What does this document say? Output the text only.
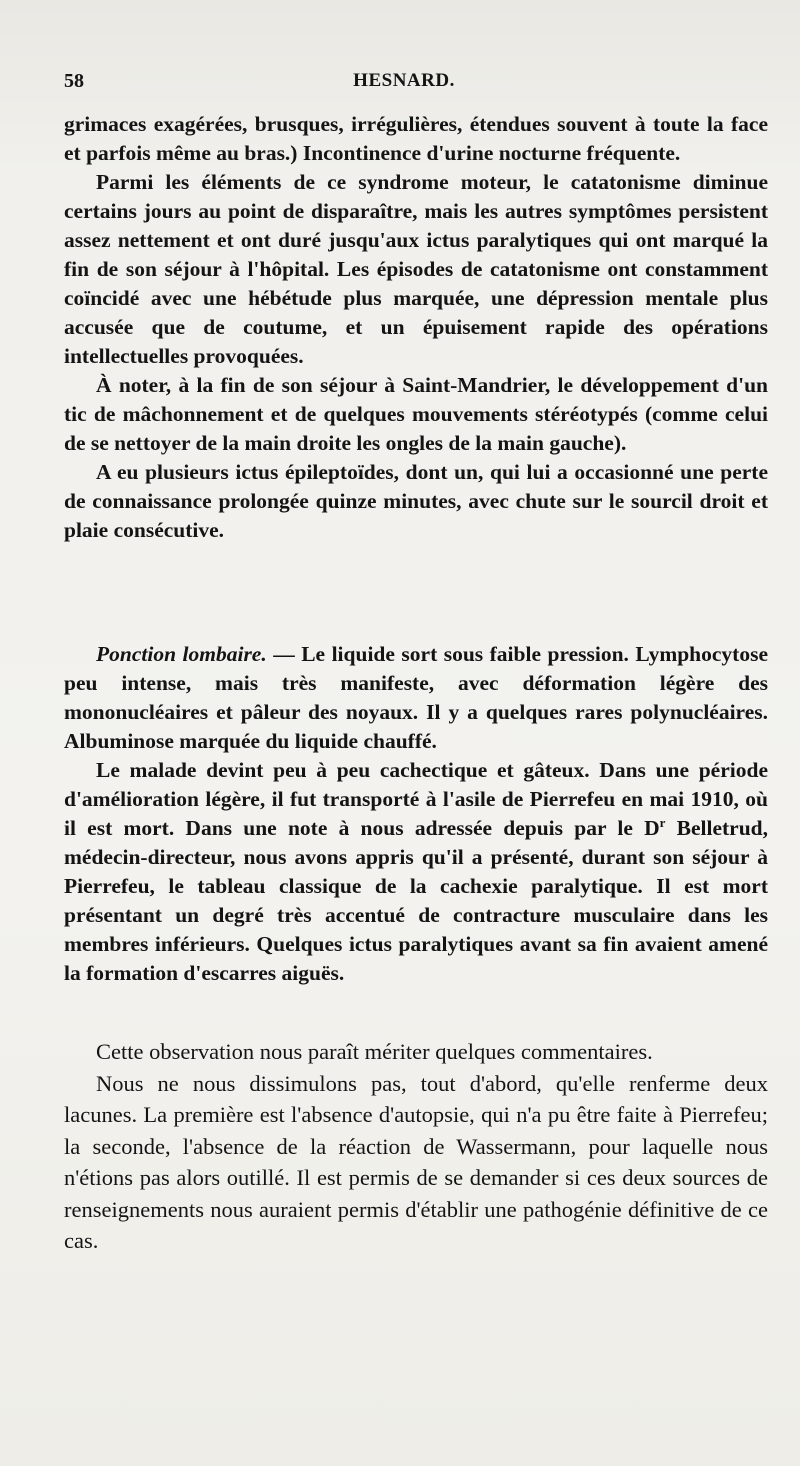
58	HESNARD.

grimaces exagérées, brusques, irrégulières, étendues souvent à toute la face et parfois même au bras.) Incontinence d'urine nocturne fréquente.

Parmi les éléments de ce syndrome moteur, le catatonisme diminue certains jours au point de disparaître, mais les autres symptômes persistent assez nettement et ont duré jusqu'aux ictus paralytiques qui ont marqué la fin de son séjour à l'hôpital. Les épisodes de catatonisme ont constamment coïncidé avec une hébétude plus marquée, une dépression mentale plus accusée que de coutume, et un épuisement rapide des opérations intellectuelles provoquées.

À noter, à la fin de son séjour à Saint-Mandrier, le développement d'un tic de mâchonnement et de quelques mouvements stéréotypés (comme celui de se nettoyer de la main droite les ongles de la main gauche).

A eu plusieurs ictus épileptoïdes, dont un, qui lui a occasionné une perte de connaissance prolongée quinze minutes, avec chute sur le sourcil droit et plaie consécutive.

Ponction lombaire. — Le liquide sort sous faible pression. Lymphocytose peu intense, mais très manifeste, avec déformation légère des mononucléaires et pâleur des noyaux. Il y a quelques rares polynucléaires. Albuminose marquée du liquide chauffé.

Le malade devint peu à peu cachectique et gâteux. Dans une période d'amélioration légère, il fut transporté à l'asile de Pierrefeu en mai 1910, où il est mort. Dans une note à nous adressée depuis par le $D^r$ Belletrud, médecin-directeur, nous avons appris qu'il a présenté, durant son séjour à Pierrefeu, le tableau classique de la cachexie paralytique. Il est mort présentant un degré très accentué de contracture musculaire dans les membres inférieurs. Quelques ictus paralytiques avant sa fin avaient amené la formation d'escarres aiguës.

Cette observation nous paraît mériter quelques commentaires.

Nous ne nous dissimulons pas, tout d'abord, qu'elle renferme deux lacunes. La première est l'absence d'autopsie, qui n'a pu être faite à Pierrefeu; la seconde, l'absence de la réaction de Wassermann, pour laquelle nous n'étions pas alors outillé. Il est permis de se demander si ces deux sources de renseignements nous auraient permis d'établir une pathogénie définitive de ce cas.
